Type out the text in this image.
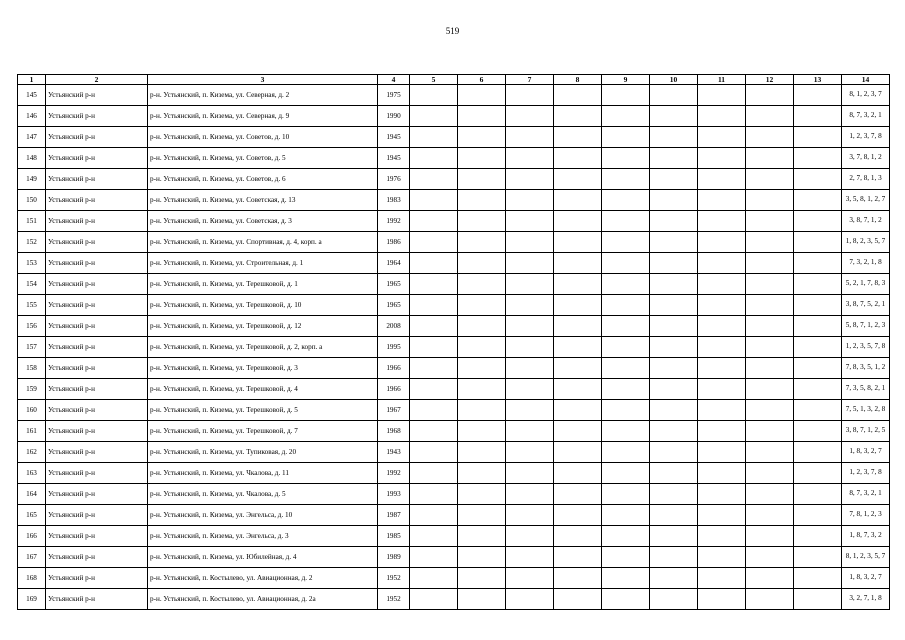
519
1	2	3	4	5	6	7	8	9	10	11	12	13	14
145	Устьянский р-н	р-н. Устьянский, п. Кизема, ул. Северная, д. 2	1975										8, 1, 2, 3, 7
146	Устьянский р-н	р-н. Устьянский, п. Кизема, ул. Северная, д. 9	1990										8, 7, 3, 2, 1
147	Устьянский р-н	р-н. Устьянский, п. Кизема, ул. Советов, д. 10	1945										1, 2, 3, 7, 8
148	Устьянский р-н	р-н. Устьянский, п. Кизема, ул. Советов, д. 5	1945										3, 7, 8, 1, 2
149	Устьянский р-н	р-н. Устьянский, п. Кизема, ул. Советов, д. 6	1976										2, 7, 8, 1, 3
150	Устьянский р-н	р-н. Устьянский, п. Кизема, ул. Советская, д. 13	1983										3, 5, 8, 1, 2, 7
151	Устьянский р-н	р-н. Устьянский, п. Кизема, ул. Советская, д. 3	1992										3, 8, 7, 1, 2
152	Устьянский р-н	р-н. Устьянский, п. Кизема, ул. Спортивная, д. 4, корп. а	1986										1, 8, 2, 3, 5, 7
153	Устьянский р-н	р-н. Устьянский, п. Кизема, ул. Строительная, д. 1	1964										7, 3, 2, 1, 8
154	Устьянский р-н	р-н. Устьянский, п. Кизема, ул. Терешковой, д. 1	1965										5, 2, 1, 7, 8, 3
155	Устьянский р-н	р-н. Устьянский, п. Кизема, ул. Терешковой, д. 10	1965										3, 8, 7, 5, 2, 1
156	Устьянский р-н	р-н. Устьянский, п. Кизема, ул. Терешковой, д. 12	2008										5, 8, 7, 1, 2, 3
157	Устьянский р-н	р-н. Устьянский, п. Кизема, ул. Терешковой, д. 2, корп. а	1995										1, 2, 3, 5, 7, 8
158	Устьянский р-н	р-н. Устьянский, п. Кизема, ул. Терешковой, д. 3	1966										7, 8, 3, 5, 1, 2
159	Устьянский р-н	р-н. Устьянский, п. Кизема, ул. Терешковой, д. 4	1966										7, 3, 5, 8, 2, 1
160	Устьянский р-н	р-н. Устьянский, п. Кизема, ул. Терешковой, д. 5	1967										7, 5, 1, 3, 2, 8
161	Устьянский р-н	р-н. Устьянский, п. Кизема, ул. Терешковой, д. 7	1968										3, 8, 7, 1, 2, 5
162	Устьянский р-н	р-н. Устьянский, п. Кизема, ул. Тупиковая, д. 20	1943										1, 8, 3, 2, 7
163	Устьянский р-н	р-н. Устьянский, п. Кизема, ул. Чкалова, д. 11	1992										1, 2, 3, 7, 8
164	Устьянский р-н	р-н. Устьянский, п. Кизема, ул. Чкалова, д. 5	1993										8, 7, 3, 2, 1
165	Устьянский р-н	р-н. Устьянский, п. Кизема, ул. Энгельса, д. 10	1987										7, 8, 1, 2, 3
166	Устьянский р-н	р-н. Устьянский, п. Кизема, ул. Энгельса, д. 3	1985										1, 8, 7, 3, 2
167	Устьянский р-н	р-н. Устьянский, п. Кизема, ул. Юбилейная, д. 4	1989										8, 1, 2, 3, 5, 7
168	Устьянский р-н	р-н. Устьянский, п. Костылево, ул. Авиационная, д. 2	1952										1, 8, 3, 2, 7
169	Устьянский р-н	р-н. Устьянский, п. Костылево, ул. Авиационная, д. 2а	1952										3, 2, 7, 1, 8
